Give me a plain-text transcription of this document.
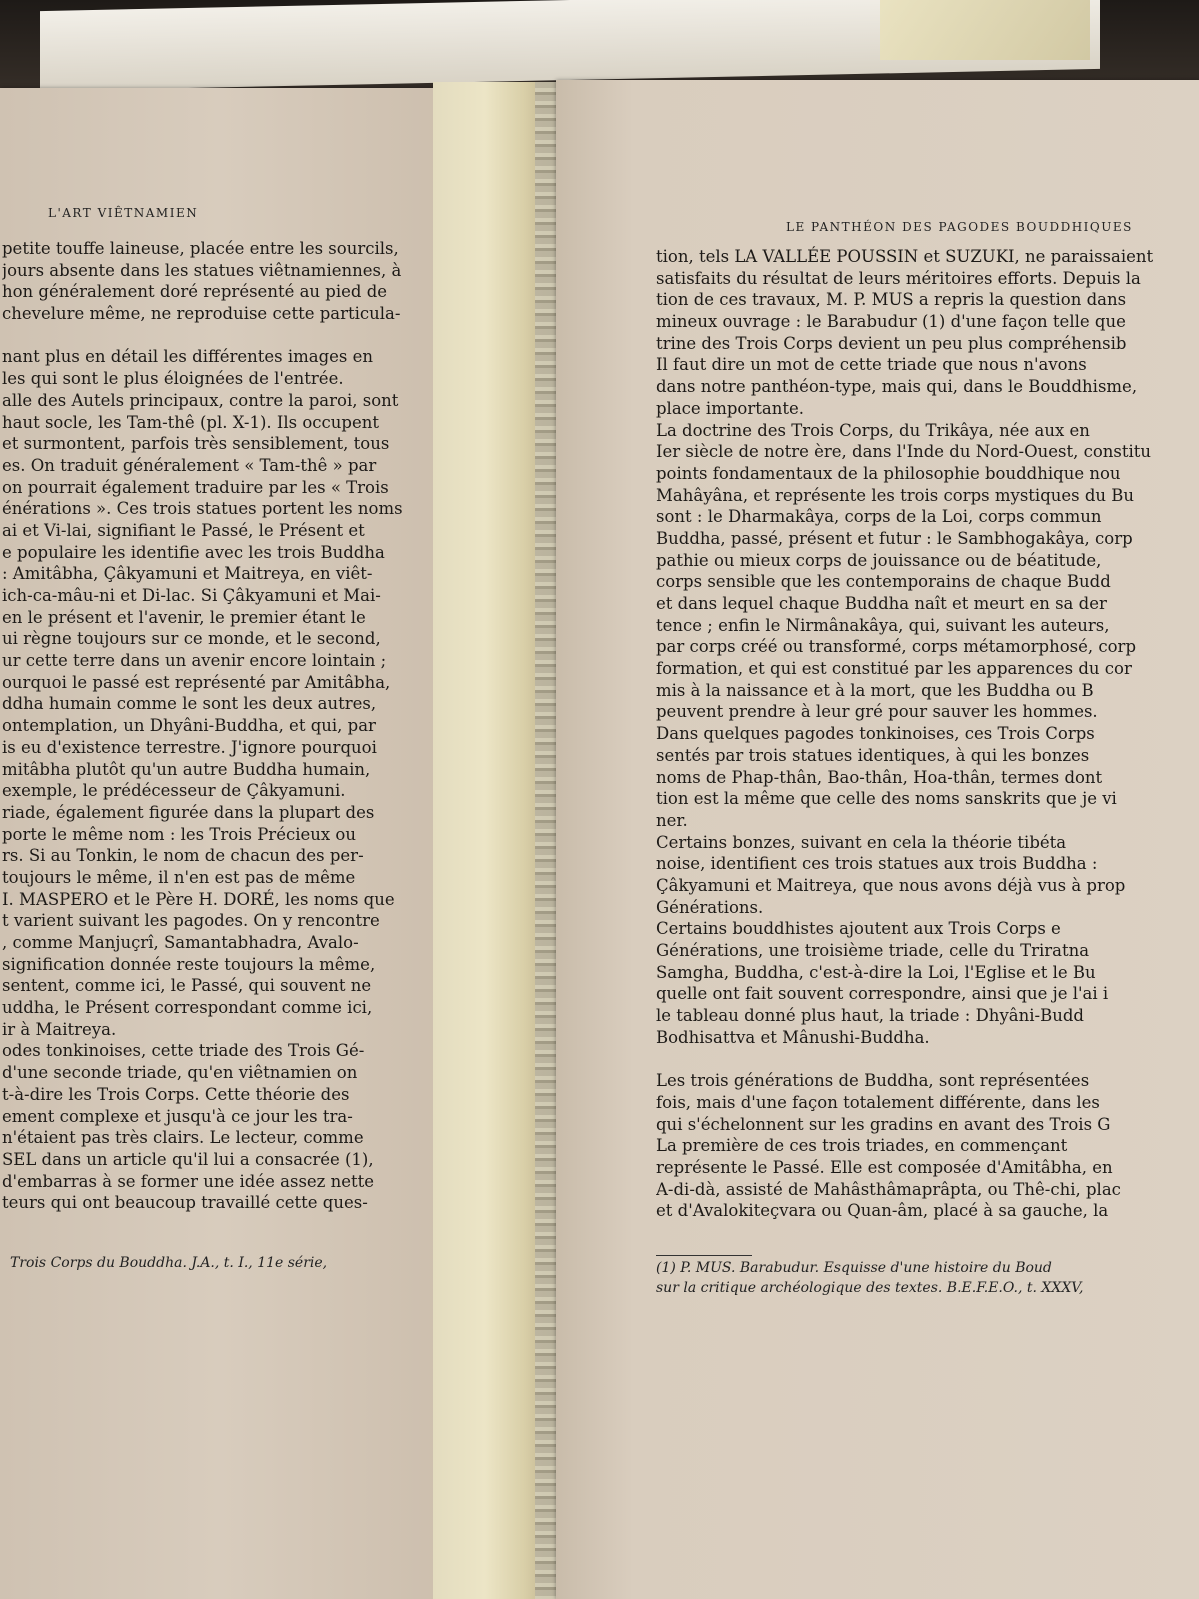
L'ART VIÊTNAMIEN
petite touffe laineuse, placée entre les sourcils,
jours absente dans les statues viêtnamiennes, à
hon généralement doré représenté au pied de
chevelure même, ne reproduise cette particula-

nant plus en détail les différentes images en
les qui sont le plus éloignées de l'entrée.
alle des Autels principaux, contre la paroi, sont
haut socle, les Tam-thê (pl. X-1). Ils occupent
et surmontent, parfois très sensiblement, tous
es. On traduit généralement « Tam-thê » par
on pourrait également traduire par les « Trois
énérations ». Ces trois statues portent les noms
ai et Vi-lai, signifiant le Passé, le Présent et
e populaire les identifie avec les trois Buddha
: Amitâbha, Çâkyamuni et Maitreya, en viêt-
ich-ca-mâu-ni et Di-lac. Si Çâkyamuni et Mai-
en le présent et l'avenir, le premier étant le
ui règne toujours sur ce monde, et le second,
ur cette terre dans un avenir encore lointain ;
ourquoi le passé est représenté par Amitâbha,
ddha humain comme le sont les deux autres,
ontemplation, un Dhyâni-Buddha, et qui, par
is eu d'existence terrestre. J'ignore pourquoi
mitâbha plutôt qu'un autre Buddha humain,
exemple, le prédécesseur de Çâkyamuni.
riade, également figurée dans la plupart des
porte le même nom : les Trois Précieux ou
rs. Si au Tonkin, le nom de chacun des per-
toujours le même, il n'en est pas de même
I. MASPERO et le Père H. DORÉ, les noms que
t varient suivant les pagodes. On y rencontre
, comme Manjuçrî, Samantabhadra, Avalo-
signification donnée reste toujours la même,
sentent, comme ici, le Passé, qui souvent ne
uddha, le Présent correspondant comme ici,
ir à Maitreya.
odes tonkinoises, cette triade des Trois Gé-
d'une seconde triade, qu'en viêtnamien on
t-à-dire les Trois Corps. Cette théorie des
ement complexe et jusqu'à ce jour les tra-
n'étaient pas très clairs. Le lecteur, comme
SEL dans un article qu'il lui a consacrée (1),
d'embarras à se former une idée assez nette
teurs qui ont beaucoup travaillé cette ques-
Trois Corps du Bouddha. J.A., t. I., 11e série,
LE PANTHÉON DES PAGODES BOUDDHIQUES
tion, tels LA VALLÉE POUSSIN et SUZUKI, ne paraissaient
satisfaits du résultat de leurs méritoires efforts. Depuis la
tion de ces travaux, M. P. MUS a repris la question dans
mineux ouvrage : le Barabudur (1) d'une façon telle que
trine des Trois Corps devient un peu plus compréhensib
Il faut dire un mot de cette triade que nous n'avons
dans notre panthéon-type, mais qui, dans le Bouddhisme,
place importante.
La doctrine des Trois Corps, du Trikâya, née aux en
Ier siècle de notre ère, dans l'Inde du Nord-Ouest, constitu
points fondamentaux de la philosophie bouddhique nou
Mahâyâna, et représente les trois corps mystiques du Bu
sont : le Dharmakâya, corps de la Loi, corps commun
Buddha, passé, présent et futur : le Sambhogakâya, corp
pathie ou mieux corps de jouissance ou de béatitude,
corps sensible que les contemporains de chaque Budd
et dans lequel chaque Buddha naît et meurt en sa der
tence ; enfin le Nirmânakâya, qui, suivant les auteurs,
par corps créé ou transformé, corps métamorphosé, corp
formation, et qui est constitué par les apparences du cor
mis à la naissance et à la mort, que les Buddha ou B
peuvent prendre à leur gré pour sauver les hommes.
Dans quelques pagodes tonkinoises, ces Trois Corps
sentés par trois statues identiques, à qui les bonzes
noms de Phap-thân, Bao-thân, Hoa-thân, termes dont
tion est la même que celle des noms sanskrits que je vi
ner.
Certains bonzes, suivant en cela la théorie tibéta
noise, identifient ces trois statues aux trois Buddha :
Çâkyamuni et Maitreya, que nous avons déjà vus à prop
Générations.
Certains bouddhistes ajoutent aux Trois Corps e
Générations, une troisième triade, celle du Triratna
Samgha, Buddha, c'est-à-dire la Loi, l'Eglise et le Bu
quelle ont fait souvent correspondre, ainsi que je l'ai i
le tableau donné plus haut, la triade : Dhyâni-Budd
Bodhisattva et Mânushi-Buddha.

Les trois générations de Buddha, sont représentées
fois, mais d'une façon totalement différente, dans les
qui s'échelonnent sur les gradins en avant des Trois G
La première de ces trois triades, en commençant
représente le Passé. Elle est composée d'Amitâbha, en
A-di-dà, assisté de Mahâsthâmaprâpta, ou Thê-chi, plac
et d'Avalokiteçvara ou Quan-âm, placé à sa gauche, la
(1) P. MUS. Barabudur. Esquisse d'une histoire du Boud
sur la critique archéologique des textes. B.E.F.E.O., t. XXXV,
